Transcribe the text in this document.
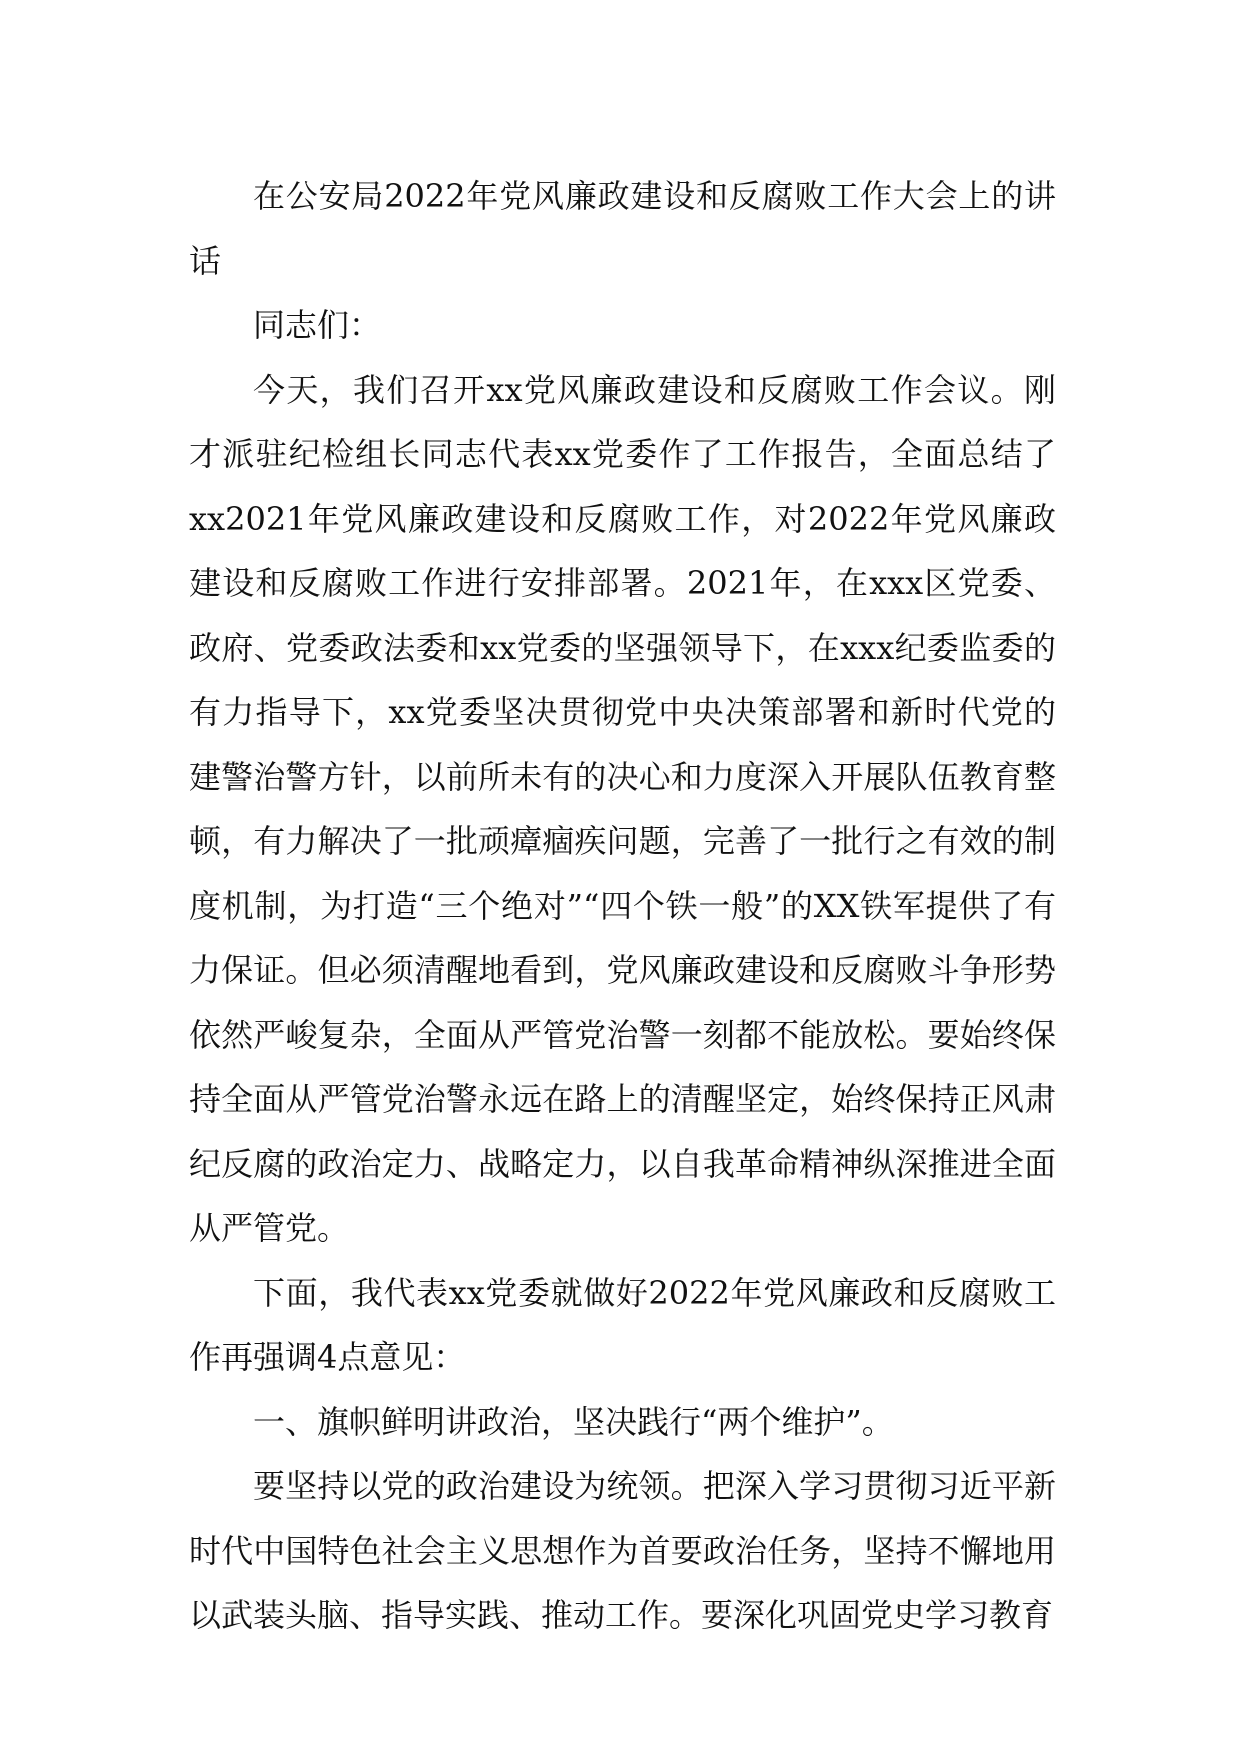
在公安局2022年党风廉政建设和反腐败工作大会上的讲话

同志们：

今天，我们召开xx党风廉政建设和反腐败工作会议。刚才派驻纪检组长同志代表xx党委作了工作报告，全面总结了xx2021年党风廉政建设和反腐败工作，对2022年党风廉政建设和反腐败工作进行安排部署。2021年，在xxx区党委、政府、党委政法委和xx党委的坚强领导下，在xxx纪委监委的有力指导下，xx党委坚决贯彻党中央决策部署和新时代党的建警治警方针，以前所未有的决心和力度深入开展队伍教育整顿，有力解决了一批顽瘴痼疾问题，完善了一批行之有效的制度机制，为打造“三个绝对”“四个铁一般”的XX铁军提供了有力保证。但必须清醒地看到，党风廉政建设和反腐败斗争形势依然严峻复杂，全面从严管党治警一刻都不能放松。要始终保持全面从严管党治警永远在路上的清醒坚定，始终保持正风肃纪反腐的政治定力、战略定力，以自我革命精神纵深推进全面从严管党。

下面，我代表xx党委就做好2022年党风廉政和反腐败工作再强调4点意见：

一、旗帜鲜明讲政治，坚决践行“两个维护”。

要坚持以党的政治建设为统领。把深入学习贯彻习近平新时代中国特色社会主义思想作为首要政治任务，坚持不懈地用以武装头脑、指导实践、推动工作。要深化巩固党史学习教育
